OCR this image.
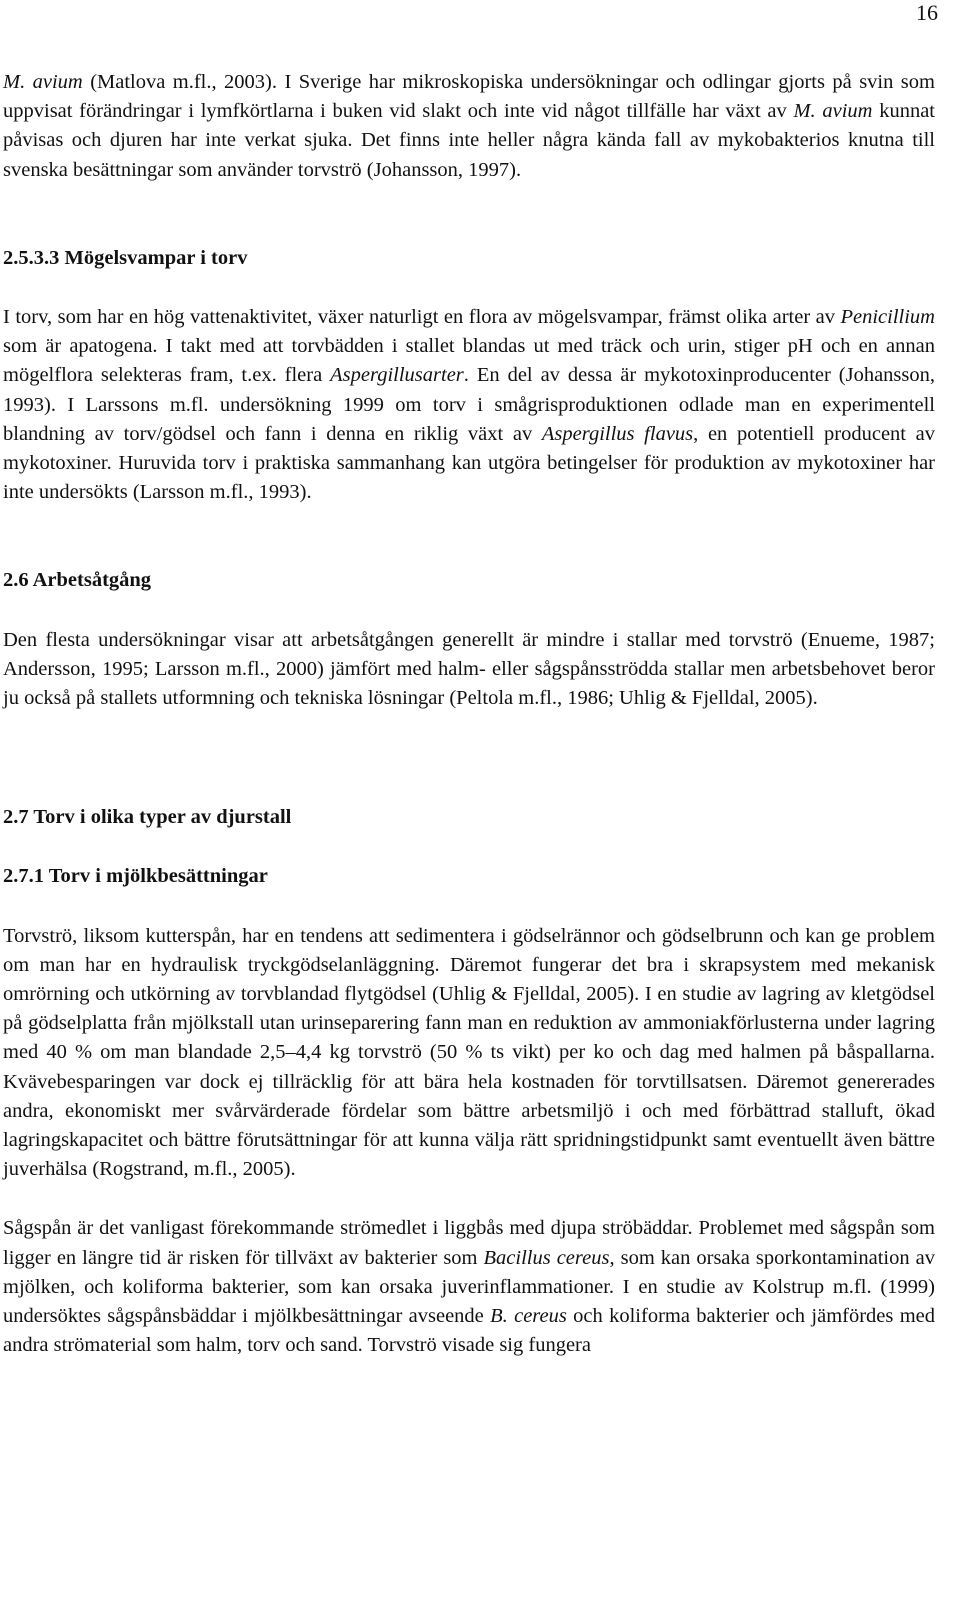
16

M. avium (Matlova m.fl., 2003). I Sverige har mikroskopiska undersökningar och odlingar gjorts på svin som uppvisat förändringar i lymfkörtlarna i buken vid slakt och inte vid något tillfälle har växt av M. avium kunnat påvisas och djuren har inte verkat sjuka. Det finns inte heller några kända fall av mykobakterios knutna till svenska besättningar som använder torvströ (Johansson, 1997).

2.5.3.3 Mögelsvampar i torv

I torv, som har en hög vattenaktivitet, växer naturligt en flora av mögelsvampar, främst olika arter av Penicillium som är apatogena. I takt med att torvbädden i stallet blandas ut med träck och urin, stiger pH och en annan mögelflora selekteras fram, t.ex. flera Aspergillusarter. En del av dessa är mykotoxinproducenter (Johansson, 1993). I Larssons m.fl. undersökning 1999 om torv i smågrisproduktionen odlade man en experimentell blandning av torv/gödsel och fann i denna en riklig växt av Aspergillus flavus, en potentiell producent av mykotoxiner. Huruvida torv i praktiska sammanhang kan utgöra betingelser för produktion av mykotoxiner har inte undersökts (Larsson m.fl., 1993).

2.6 Arbetsåtgång

Den flesta undersökningar visar att arbetsåtgången generellt är mindre i stallar med torvströ (Enueme, 1987; Andersson, 1995; Larsson m.fl., 2000) jämfört med halm- eller sågspånsströdda stallar men arbetsbehovet beror ju också på stallets utformning och tekniska lösningar (Peltola m.fl., 1986; Uhlig & Fjelldal, 2005).

2.7 Torv i olika typer av djurstall
2.7.1 Torv i mjölkbesättningar

Torvströ, liksom kutterspån, har en tendens att sedimentera i gödselrännor och gödselbrunn och kan ge problem om man har en hydraulisk tryckgödselanläggning. Däremot fungerar det bra i skrapsystem med mekanisk omrörning och utkörning av torvblandad flytgödsel (Uhlig & Fjelldal, 2005). I en studie av lagring av kletgödsel på gödselplatta från mjölkstall utan urinseparering fann man en reduktion av ammoniakförlusterna under lagring med 40 % om man blandade 2,5–4,4 kg torvströ (50 % ts vikt) per ko och dag med halmen på båspallarna. Kvävebesparingen var dock ej tillräcklig för att bära hela kostnaden för torvtillsatsen. Däremot genererades andra, ekonomiskt mer svårvärderade fördelar som bättre arbetsmiljö i och med förbättrad stalluft, ökad lagringskapacitet och bättre förutsättningar för att kunna välja rätt spridningstidpunkt samt eventuellt även bättre juverhälsa (Rogstrand, m.fl., 2005).

Sågspån är det vanligast förekommande strömedlet i liggbås med djupa ströbäddar. Problemet med sågspån som ligger en längre tid är risken för tillväxt av bakterier som Bacillus cereus, som kan orsaka sporkontamination av mjölken, och koliforma bakterier, som kan orsaka juverinflammationer. I en studie av Kolstrup m.fl. (1999) undersöktes sågspånsbäddar i mjölkbesättningar avseende B. cereus och koliforma bakterier och jämfördes med andra strömaterial som halm, torv och sand. Torvströ visade sig fungera
